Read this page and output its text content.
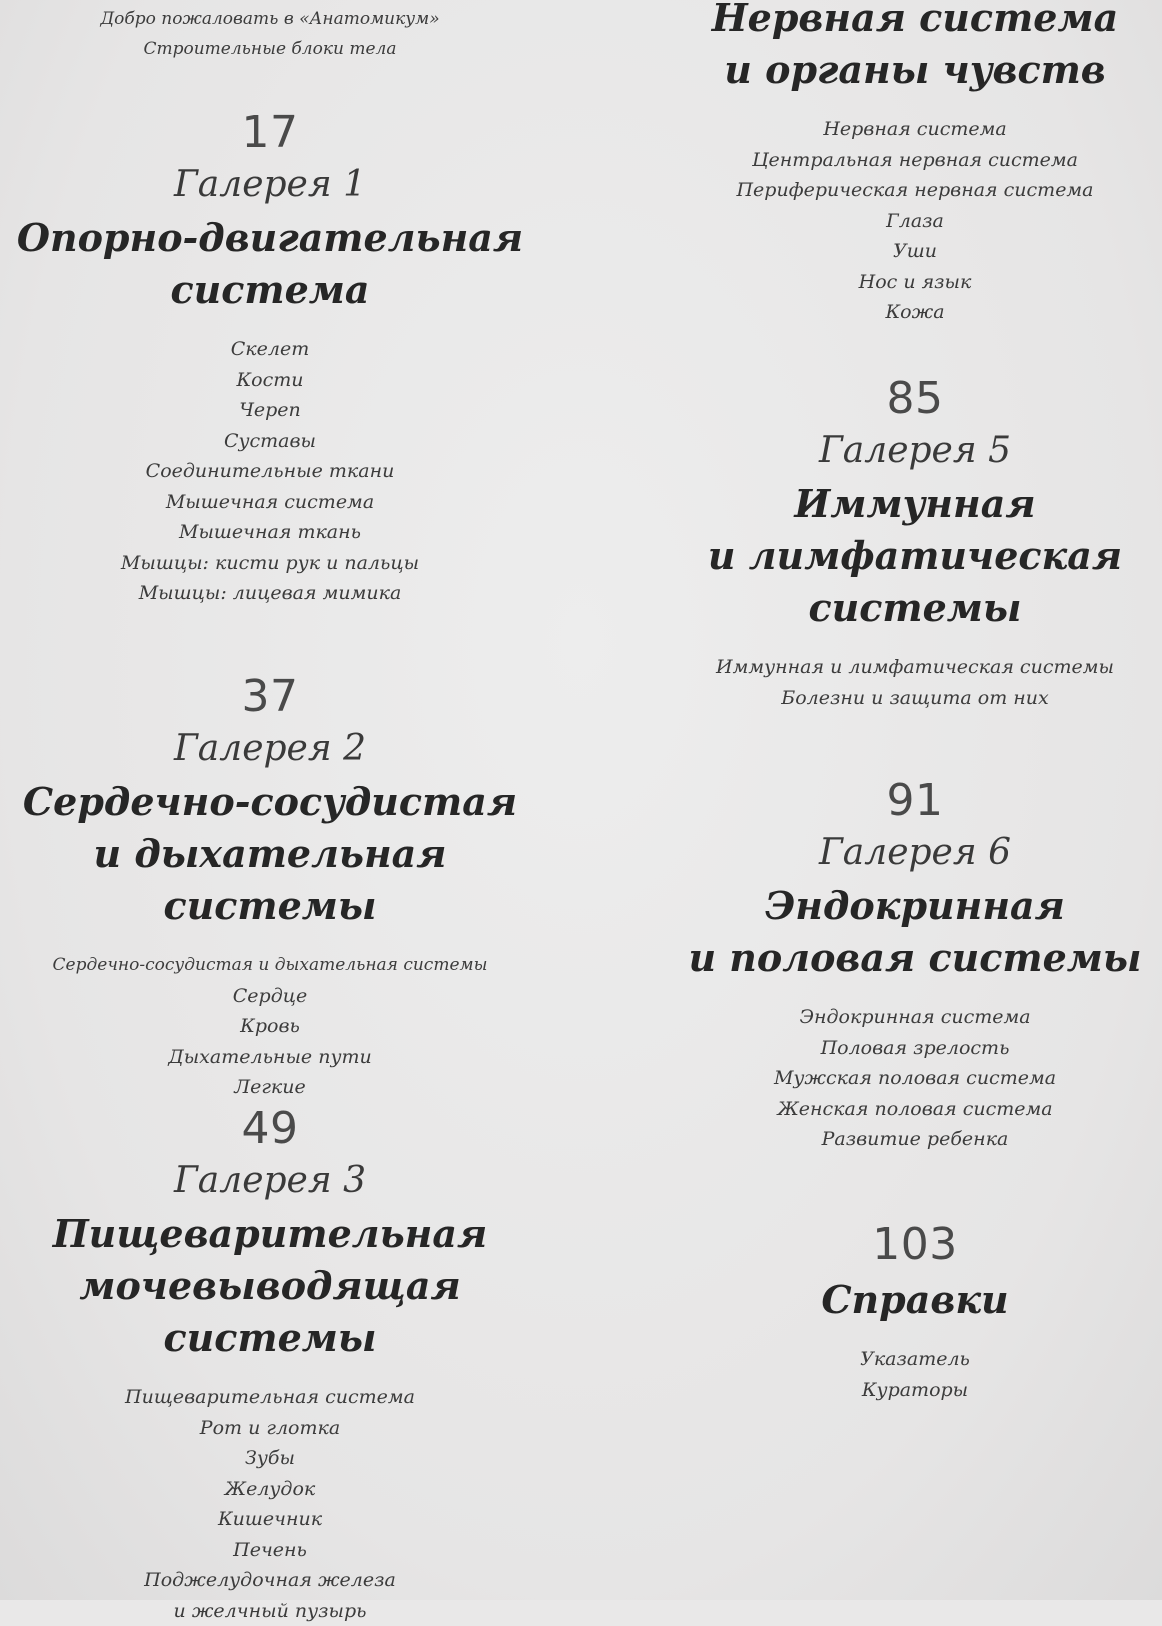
Добро пожаловать в «Анатомикум»
Строительные блоки тела
17
Галерея 1
Опорно-двигательная
система
Скелет
Кости
Череп
Суставы
Соединительные ткани
Мышечная система
Мышечная ткань
Мышцы: кисти рук и пальцы
Мышцы: лицевая мимика
37
Галерея 2
Сердечно-сосудистая
и дыхательная системы
Сердечно-сосудистая и дыхательная системы
Сердце
Кровь
Дыхательные пути
Легкие
49
Галерея 3
Пищеварительная
мочевыводящая системы
Пищеварительная система
Рот и глотка
Зубы
Желудок
Кишечник
Печень
Поджелудочная железа
и желчный пузырь
Нервная система
и органы чувств
Нервная система
Центральная нервная система
Периферическая нервная система
Глаза
Уши
Нос и язык
Кожа
85
Галерея 5
Иммунная
и лимфатическая
системы
Иммунная и лимфатическая системы
Болезни и защита от них
91
Галерея 6
Эндокринная
и половая системы
Эндокринная система
Половая зрелость
Мужская половая система
Женская половая система
Развитие ребенка
103
Справки
Указатель
Кураторы
